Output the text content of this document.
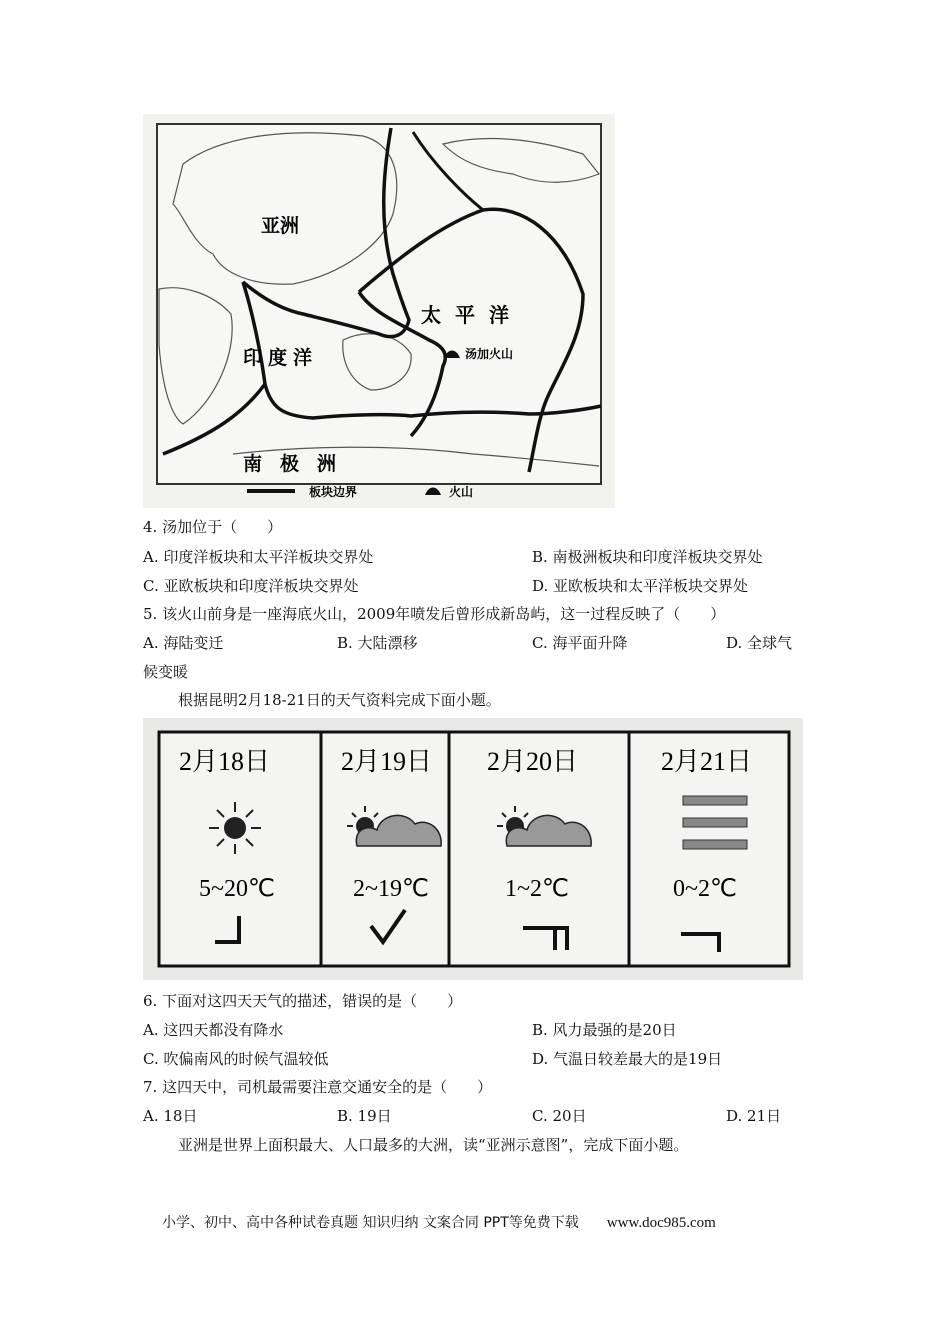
亚洲
太平洋
印度洋
南极洲
汤加火山
板块边界	火山
4. 汤加位于（　　）
A. 印度洋板块和太平洋板块交界处	B. 南极洲板块和印度洋板块交界处
C. 亚欧板块和印度洋板块交界处	D. 亚欧板块和太平洋板块交界处
5. 该火山前身是一座海底火山，2009年喷发后曾形成新岛屿，这一过程反映了（　　）
A. 海陆变迁	B. 大陆漂移	C. 海平面升降	D. 全球气
候变暖
根据昆明2月18-21日的天气资料完成下面小题。
2月18日	2月19日 2月20日	2月21日
5~20℃	2~19℃	1~2℃	0~2℃
6. 下面对这四天天气的描述，错误的是（　　）
A. 这四天都没有降水	B. 风力最强的是20日
C. 吹偏南风的时候气温较低	D. 气温日较差最大的是19日
7. 这四天中，司机最需要注意交通安全的是（　　）
A. 18日	B. 19日	C. 20日	D. 21日
亚洲是世界上面积最大、人口最多的大洲，读“亚洲示意图”，完成下面小题。
小学、初中、高中各种试卷真题 知识归纳 文案合同 PPT等免费下载 www.doc985.com
